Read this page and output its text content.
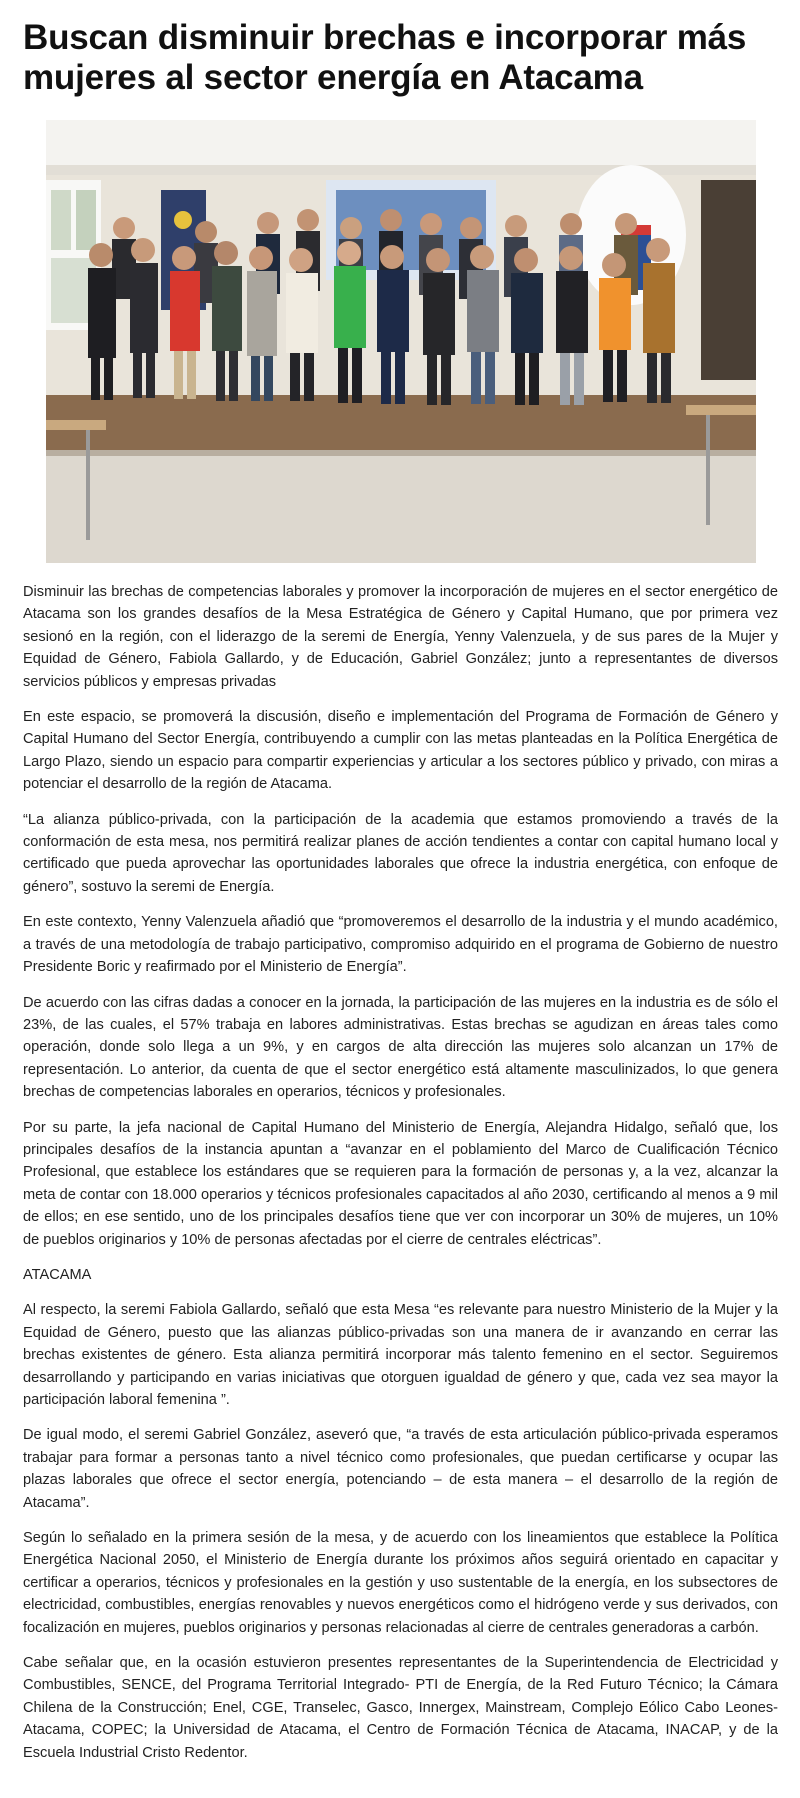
Buscan disminuir brechas e incorporar más mujeres al sector energía en Atacama

Disminuir las brechas de competencias laborales y promover la incorporación de mujeres en el sector energético de Atacama son los grandes desafíos de la Mesa Estratégica de Género y Capital Humano, que por primera vez sesionó en la región, con el liderazgo de la seremi de Energía, Yenny Valenzuela, y de sus pares de la Mujer y Equidad de Género, Fabiola Gallardo, y de Educación, Gabriel González; junto a representantes de diversos servicios públicos y empresas privadas

En este espacio, se promoverá la discusión, diseño e implementación del Programa de Formación de Género y Capital Humano del Sector Energía, contribuyendo a cumplir con las metas planteadas en la Política Energética de Largo Plazo, siendo un espacio para compartir experiencias y articular a los sectores público y privado, con miras a potenciar el desarrollo de la región de Atacama.

“La alianza público-privada, con la participación de la academia que estamos promoviendo a través de la conformación de esta mesa, nos permitirá realizar planes de acción tendientes a contar con capital humano local y certificado que pueda aprovechar las oportunidades laborales que ofrece la industria energética, con enfoque de género”, sostuvo la seremi de Energía.

En este contexto, Yenny Valenzuela añadió que “promoveremos el desarrollo de la industria y el mundo académico, a través de una metodología de trabajo participativo, compromiso adquirido en el programa de Gobierno de nuestro Presidente Boric y reafirmado por el Ministerio de Energía”.

De acuerdo con las cifras dadas a conocer en la jornada, la participación de las mujeres en la industria es de sólo el 23%, de las cuales, el 57% trabaja en labores administrativas. Estas brechas se agudizan en áreas tales como operación, donde solo llega a un 9%, y en cargos de alta dirección las mujeres solo alcanzan un 17% de representación. Lo anterior, da cuenta de que el sector energético está altamente masculinizados, lo que genera brechas de competencias laborales en operarios, técnicos y profesionales.

Por su parte, la jefa nacional de Capital Humano del Ministerio de Energía, Alejandra Hidalgo, señaló que, los principales desafíos de la instancia apuntan a “avanzar en el poblamiento del Marco de Cualificación Técnico Profesional, que establece los estándares que se requieren para la formación de personas y, a la vez, alcanzar la meta de contar con 18.000 operarios y técnicos profesionales capacitados al año 2030, certificando al menos a 9 mil de ellos; en ese sentido, uno de los principales desafíos tiene que ver con incorporar un 30% de mujeres, un 10% de pueblos originarios y 10% de personas afectadas por el cierre de centrales eléctricas”.

ATACAMA

Al respecto, la seremi Fabiola Gallardo, señaló que esta Mesa “es relevante para nuestro Ministerio de la Mujer y la Equidad de Género, puesto que las alianzas público-privadas son una manera de ir avanzando en cerrar las brechas existentes de género. Esta alianza permitirá incorporar más talento femenino en el sector. Seguiremos desarrollando y participando en varias iniciativas que otorguen igualdad de género y que, cada vez sea mayor la participación laboral femenina ”.

De igual modo, el seremi Gabriel González, aseveró que, “a través de esta articulación público-privada esperamos trabajar para formar a personas tanto a nivel técnico como profesionales, que puedan certificarse y ocupar las plazas laborales que ofrece el sector energía, potenciando – de esta manera – el desarrollo de la región de Atacama”.

Según lo señalado en la primera sesión de la mesa, y de acuerdo con los lineamientos que establece la Política Energética Nacional 2050, el Ministerio de Energía durante los próximos años seguirá orientado en capacitar y certificar a operarios, técnicos y profesionales en la gestión y uso sustentable de la energía, en los subsectores de electricidad, combustibles, energías renovables y nuevos energéticos como el hidrógeno verde y sus derivados, con focalización en mujeres, pueblos originarios y personas relacionadas al cierre de centrales generadoras a carbón.

Cabe señalar que, en la ocasión estuvieron presentes representantes de la Superintendencia de Electricidad y Combustibles, SENCE, del Programa Territorial Integrado- PTI de Energía, de la Red Futuro Técnico; la Cámara Chilena de la Construcción; Enel, CGE, Transelec, Gasco, Innergex, Mainstream, Complejo Eólico Cabo Leones-Atacama, COPEC; la Universidad de Atacama, el Centro de Formación Técnica de Atacama, INACAP, y de la Escuela Industrial Cristo Redentor.
